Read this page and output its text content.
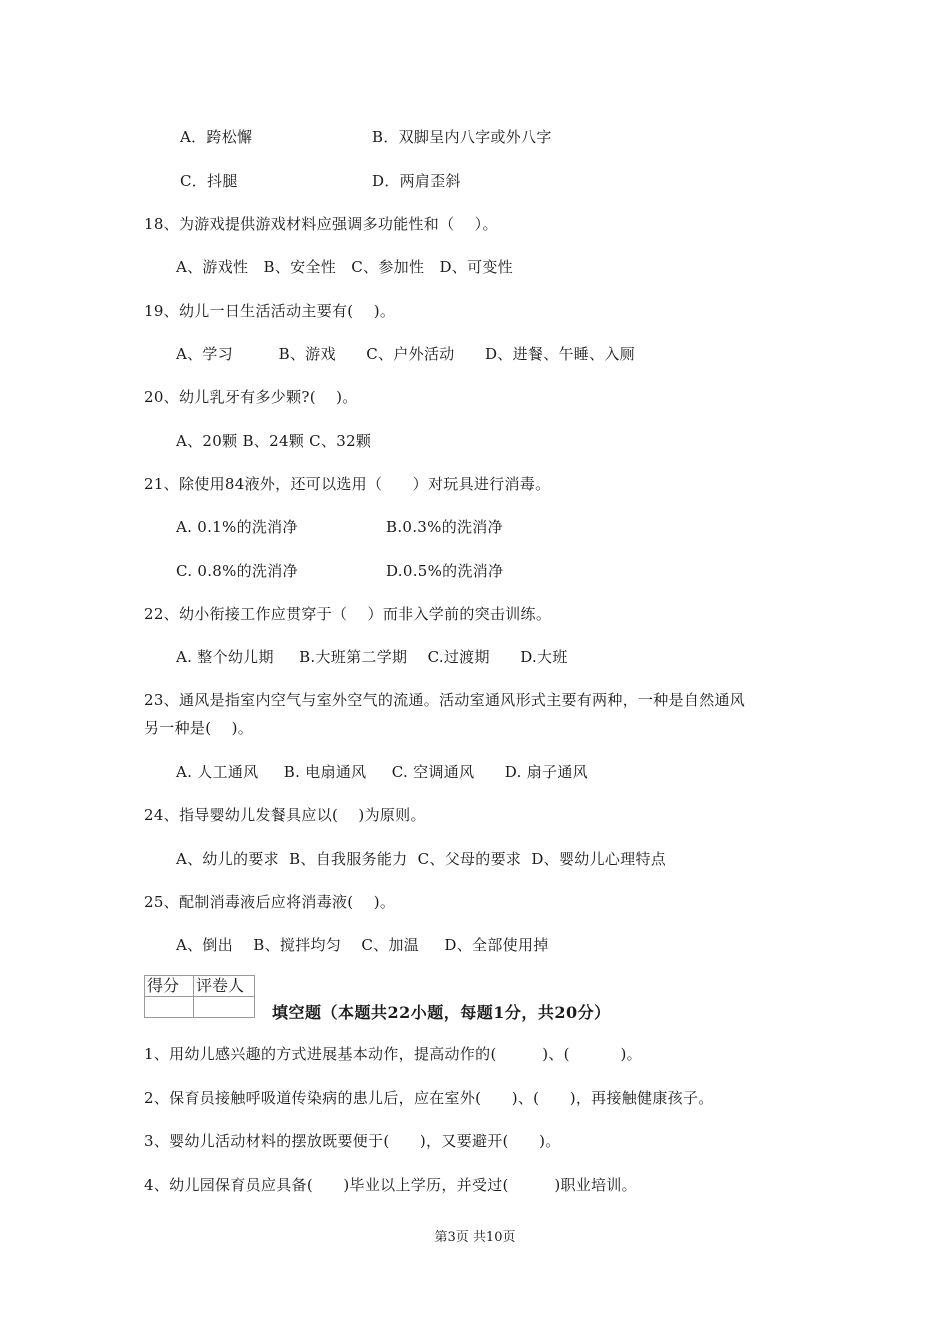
A．跨松懈	B．双脚呈内八字或外八字
C．抖腿	D．两肩歪斜
18、为游戏提供游戏材料应强调多功能性和（    ）。
A、游戏性   B、安全性   C、参加性   D、可变性
19、幼儿一日生活活动主要有(    )。
A、学习         B、游戏      C、户外活动      D、进餐、午睡、入厕
20、幼儿乳牙有多少颗?(    )。
A、20颗 B、24颗 C、32颗
21、除使用84液外，还可以选用（      ）对玩具进行消毒。
A. 0.1%的洗消净	B.0.3%的洗消净
C. 0.8%的洗消净	D.0.5%的洗消净
22、幼小衔接工作应贯穿于（    ）而非入学前的突击训练。
A. 整个幼儿期     B.大班第二学期    C.过渡期      D.大班
23、通风是指室内空气与室外空气的流通。活动室通风形式主要有两种，一种是自然通风
另一种是(    )。
A. 人工通风     B. 电扇通风     C. 空调通风      D. 扇子通风
24、指导婴幼儿发餐具应以(    )为原则。
A、幼儿的要求  B、自我服务能力  C、父母的要求  D、婴幼儿心理特点
25、配制消毒液后应将消毒液(    )。
A、倒出    B、搅拌均匀    C、加温     D、全部使用掉
得分	评卷人

填空题（本题共22小题，每题1分，共20分）
1、用幼儿感兴趣的方式进展基本动作，提高动作的(         )、(          )。
2、保育员接触呼吸道传染病的患儿后，应在室外(      )、(      )，再接触健康孩子。
3、婴幼儿活动材料的摆放既要便于(      )，又要避开(      )。
4、幼儿园保育员应具备(      )毕业以上学历，并受过(         )职业培训。
第3页 共10页
